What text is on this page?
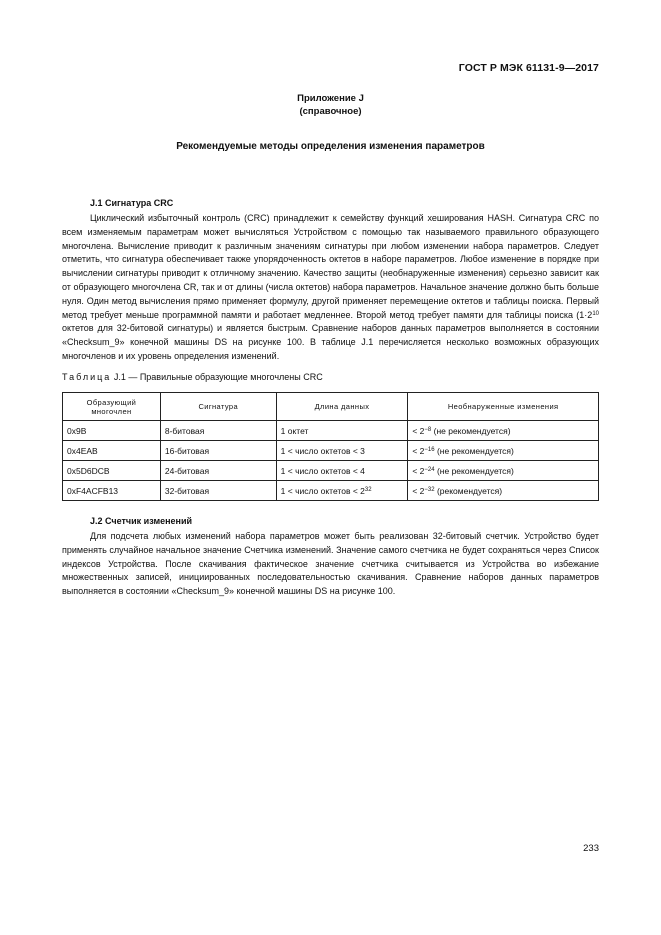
ГОСТ Р МЭК 61131-9—2017
Приложение J
(справочное)
Рекомендуемые методы определения изменения параметров
J.1 Сигнатура CRC

Циклический избыточный контроль (CRC) принадлежит к семейству функций хеширования HASH. Сигнатура CRC по всем изменяемым параметрам может вычисляться Устройством с помощью так называемого правильного образующего многочлена. Вычисление приводит к различным значениям сигнатуры при любом изменении набора параметров. Следует отметить, что сигнатура обеспечивает также упорядоченность октетов в наборе параметров. Любое изменение в порядке при вычислении сигнатуры приводит к отличному значению. Качество защиты (необнаруженные изменения) серьезно зависит как от образующего многочлена CR, так и от длины (числа октетов) набора параметров. Начальное значение должно быть больше нуля. Один метод вычисления прямо применяет формулу, другой применяет перемещение октетов и таблицы поиска. Первый метод требует меньше программной памяти и работает медленнее. Второй метод требует памяти для таблицы поиска ($1\cdot 2^{10}$ октетов для 32-битовой сигнатуры) и является быстрым. Сравнение наборов данных параметров выполняется в состоянии «Checksum_9» конечной машины DS на рисунке 100. В таблице J.1 перечисляется несколько возможных образующих многочленов и их уровень определения изменений.

Таблица J.1 — Правильные образующие многочлены CRC
Образующий многочлен	Сигнатура	Длина данных	Необнаруженные изменения
0x9B	8-битовая	1 октет	< $2^{-8}$ (не рекомендуется)
0x4EAB	16-битовая	1 < число октетов < 3	< $2^{-16}$ (не рекомендуется)
0x5D6DCB	24-битовая	1 < число октетов < 4	< $2^{-24}$ (не рекомендуется)
0xF4ACFB13	32-битовая	1 < число октетов < $2^{32}$	< $2^{-32}$ (рекомендуется)
J.2 Счетчик изменений

Для подсчета любых изменений набора параметров может быть реализован 32-битовый счетчик. Устройство будет применять случайное начальное значение Счетчика изменений. Значение самого счетчика не будет сохраняться через Список индексов Устройства. После скачивания фактическое значение счетчика считывается из Устройства во избежание множественных записей, инициированных последовательностью скачивания. Сравнение наборов данных параметров выполняется в состоянии «Checksum_9» конечной машины DS на рисунке 100.

233
